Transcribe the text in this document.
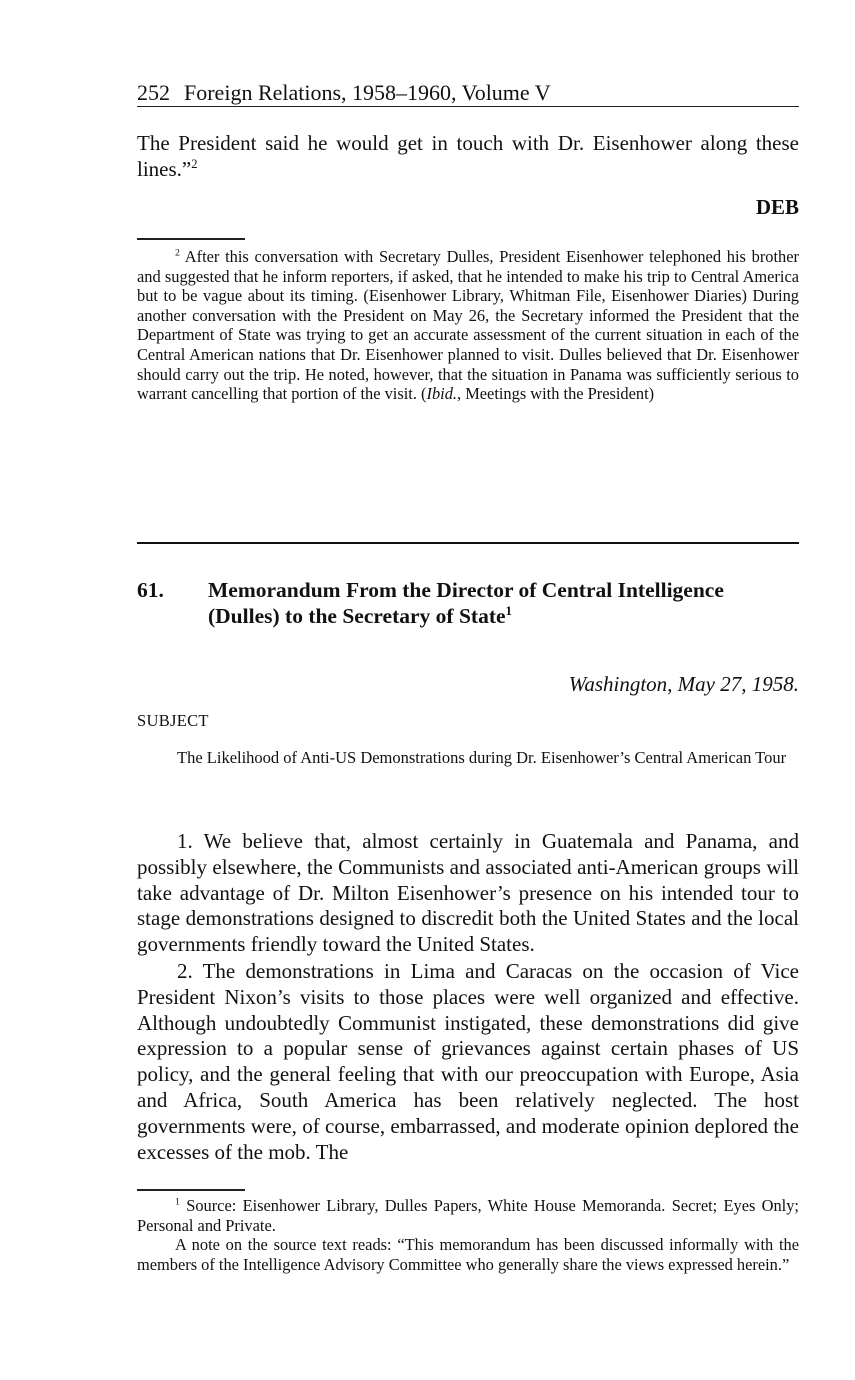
252 Foreign Relations, 1958–1960, Volume V

The President said he would get in touch with Dr. Eisenhower along these lines.”$^2$

DEB

$^2$ After this conversation with Secretary Dulles, President Eisenhower telephoned his brother and suggested that he inform reporters, if asked, that he intended to make his trip to Central America but to be vague about its timing. (Eisenhower Library, Whitman File, Eisenhower Diaries) During another conversation with the President on May 26, the Secretary informed the President that the Department of State was trying to get an accurate assessment of the current situation in each of the Central American nations that Dr. Eisenhower planned to visit. Dulles believed that Dr. Eisenhower should carry out the trip. He noted, however, that the situation in Panama was sufficiently serious to warrant cancelling that portion of the visit. (Ibid., Meetings with the President)

61. Memorandum From the Director of Central Intelligence (Dulles) to the Secretary of State$^1$
Washington, May 27, 1958.
SUBJECT
The Likelihood of Anti-US Demonstrations during Dr. Eisenhower’s Central American Tour

1. We believe that, almost certainly in Guatemala and Panama, and possibly elsewhere, the Communists and associated anti-American groups will take advantage of Dr. Milton Eisenhower’s presence on his intended tour to stage demonstrations designed to discredit both the United States and the local governments friendly toward the United States.

2. The demonstrations in Lima and Caracas on the occasion of Vice President Nixon’s visits to those places were well organized and effective. Although undoubtedly Communist instigated, these demonstrations did give expression to a popular sense of grievances against certain phases of US policy, and the general feeling that with our preoccupation with Europe, Asia and Africa, South America has been relatively neglected. The host governments were, of course, embarrassed, and moderate opinion deplored the excesses of the mob. The

$^1$ Source: Eisenhower Library, Dulles Papers, White House Memoranda. Secret; Eyes Only; Personal and Private.

A note on the source text reads: “This memorandum has been discussed informally with the members of the Intelligence Advisory Committee who generally share the views expressed herein.”
